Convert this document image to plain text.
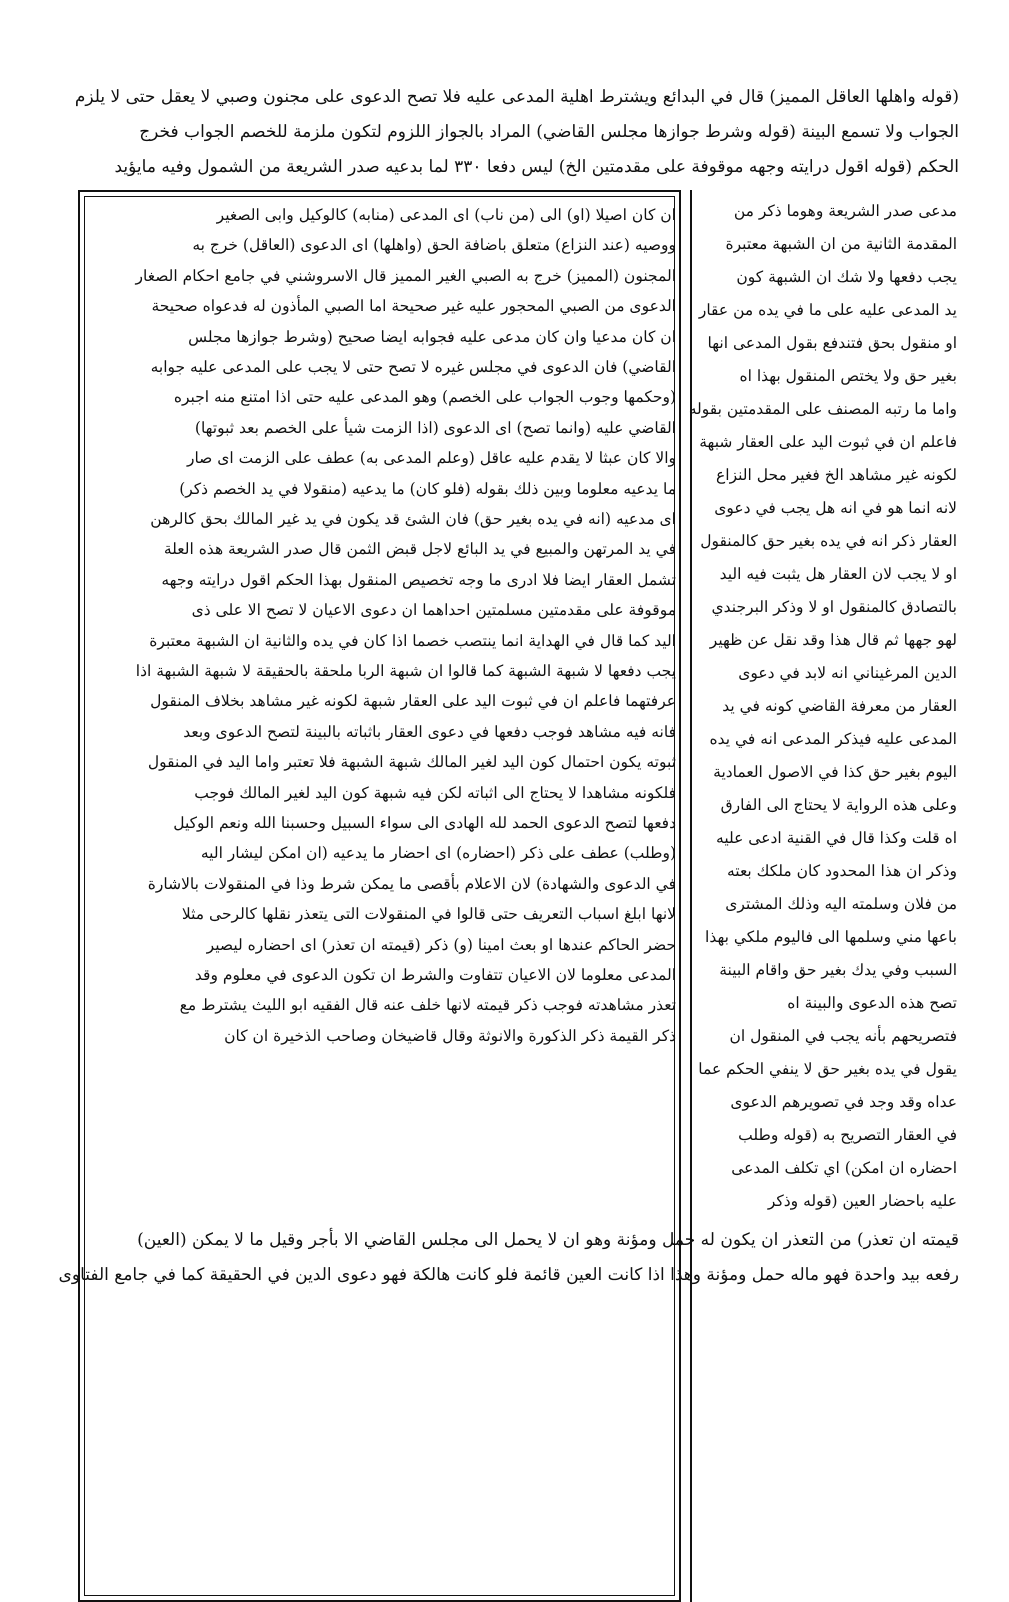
(قوله واهلها العاقل المميز) قال في البدائع ويشترط اهلية المدعى عليه فلا تصح الدعوى على مجنون وصبي لا يعقل حتى لا يلزم
الجواب ولا تسمع البينة (قوله وشرط جوازها مجلس القاضي) المراد بالجواز اللزوم لتكون ملزمة للخصم الجواب فخرج
الحكم (قوله اقول درايته وجهه موقوفة على مقدمتين الخ) ليس دفعا ٣٣٠ لما بدعيه صدر الشريعة من الشمول وفيه مايؤيد
مدعى صدر الشريعة وهوما ذكر من
المقدمة الثانية من ان الشبهة معتبرة
يجب دفعها ولا شك ان الشبهة كون
يد المدعى عليه على ما في يده من عقار
او منقول بحق فتندفع بقول المدعى انها
بغير حق ولا يختص المنقول بهذا اه
واما ما رتبه المصنف على المقدمتين بقوله
فاعلم ان في ثبوت اليد على العقار شبهة
لكونه غير مشاهد الخ فغير محل النزاع
لانه انما هو في انه هل يجب في دعوى
العقار ذكر انه في يده بغير حق كالمنقول
او لا يجب لان العقار هل يثبت فيه اليد
بالتصادق كالمنقول او لا وذكر البرجندي
لهو جهها ثم قال هذا وقد نقل عن ظهير
الدين المرغيناني انه لابد في دعوى
العقار من معرفة القاضي كونه في يد
المدعى عليه فيذكر المدعى انه في يده
اليوم بغير حق كذا في الاصول العمادية
وعلى هذه الرواية لا يحتاج الى الفارق
اه قلت وكذا قال في القنية ادعى عليه
وذكر ان هذا المحدود كان ملكك بعته
من فلان وسلمته اليه وذلك المشترى
باعها مني وسلمها الى فاليوم ملكي بهذا
السبب وفي يدك بغير حق واقام البينة
تصح هذه الدعوى والبينة اه
فتصريحهم بأنه يجب في المنقول ان
يقول في يده بغير حق لا ينفي الحكم عما
عداه وقد وجد في تصويرهم الدعوى
في العقار التصريح به (قوله وطلب
احضاره ان امكن) اي تكلف المدعى
عليه باحضار العين (قوله وذكر
ان كان اصيلا (او) الى (من ناب) اى المدعى (منابه) كالوكيل وابى الصغير
ووصيه (عند النزاع) متعلق باضافة الحق (واهلها) اى الدعوى (العاقل) خرج به
المجنون (المميز) خرج به الصبي الغير المميز قال الاسروشني في جامع احكام الصغار
الدعوى من الصبي المحجور عليه غير صحيحة اما الصبي المأذون له فدعواه صحيحة
ان كان مدعيا وان كان مدعى عليه فجوابه ايضا صحيح (وشرط جوازها مجلس
القاضي) فان الدعوى في مجلس غيره لا تصح حتى لا يجب على المدعى عليه جوابه
(وحكمها وجوب الجواب على الخصم) وهو المدعى عليه حتى اذا امتنع منه اجبره
القاضي عليه (وانما تصح) اى الدعوى (اذا الزمت شيأ على الخصم بعد ثبوتها)
والا كان عبثا لا يقدم عليه عاقل (وعلم المدعى به) عطف على الزمت اى صار
ما يدعيه معلوما وبين ذلك بقوله (فلو كان) ما يدعيه (منقولا في يد الخصم ذكر)
اى مدعيه (انه في يده بغير حق) فان الشئ قد يكون في يد غير المالك بحق كالرهن
في يد المرتهن والمبيع في يد البائع لاجل قبض الثمن قال صدر الشريعة هذه العلة
تشمل العقار ايضا فلا ادرى ما وجه تخصيص المنقول بهذا الحكم اقول درايته وجهه
موقوفة على مقدمتين مسلمتين احداهما ان دعوى الاعيان لا تصح الا على ذى
اليد كما قال في الهداية انما ينتصب خصما اذا كان في يده والثانية ان الشبهة معتبرة
يجب دفعها لا شبهة الشبهة كما قالوا ان شبهة الربا ملحقة بالحقيقة لا شبهة الشبهة اذا
عرفتهما فاعلم ان في ثبوت اليد على العقار شبهة لكونه غير مشاهد بخلاف المنقول
فانه فيه مشاهد فوجب دفعها في دعوى العقار باثباته بالبينة لتصح الدعوى وبعد
ثبوته يكون احتمال كون اليد لغير المالك شبهة الشبهة فلا تعتبر واما اليد في المنقول
فلكونه مشاهدا لا يحتاج الى اثباته لكن فيه شبهة كون اليد لغير المالك فوجب
دفعها لتصح الدعوى الحمد لله الهادى الى سواء السبيل وحسبنا الله ونعم الوكيل
(وطلب) عطف على ذكر (احضاره) اى احضار ما يدعيه (ان امكن ليشار اليه
في الدعوى والشهادة) لان الاعلام بأقصى ما يمكن شرط وذا في المنقولات بالاشارة
لانها ابلغ اسباب التعريف حتى قالوا في المنقولات التى يتعذر نقلها كالرحى مثلا
حضر الحاكم عندها او بعث امينا (و) ذكر (قيمته ان تعذر) اى احضاره ليصير
المدعى معلوما لان الاعيان تتفاوت والشرط ان تكون الدعوى في معلوم وقد
تعذر مشاهدته فوجب ذكر قيمته لانها خلف عنه قال الفقيه ابو الليث يشترط مع
ذكر القيمة ذكر الذكورة والانوثة وقال قاضيخان وصاحب الذخيرة ان كان
قيمته ان تعذر) من التعذر ان يكون له حمل ومؤنة وهو ان لا يحمل الى مجلس القاضي الا بأجر وقيل ما لا يمكن (العين)
رفعه بيد واحدة فهو ماله حمل ومؤنة وهذا اذا كانت العين قائمة فلو كانت هالكة فهو دعوى الدين في الحقيقة كما في جامع الفتاوى
